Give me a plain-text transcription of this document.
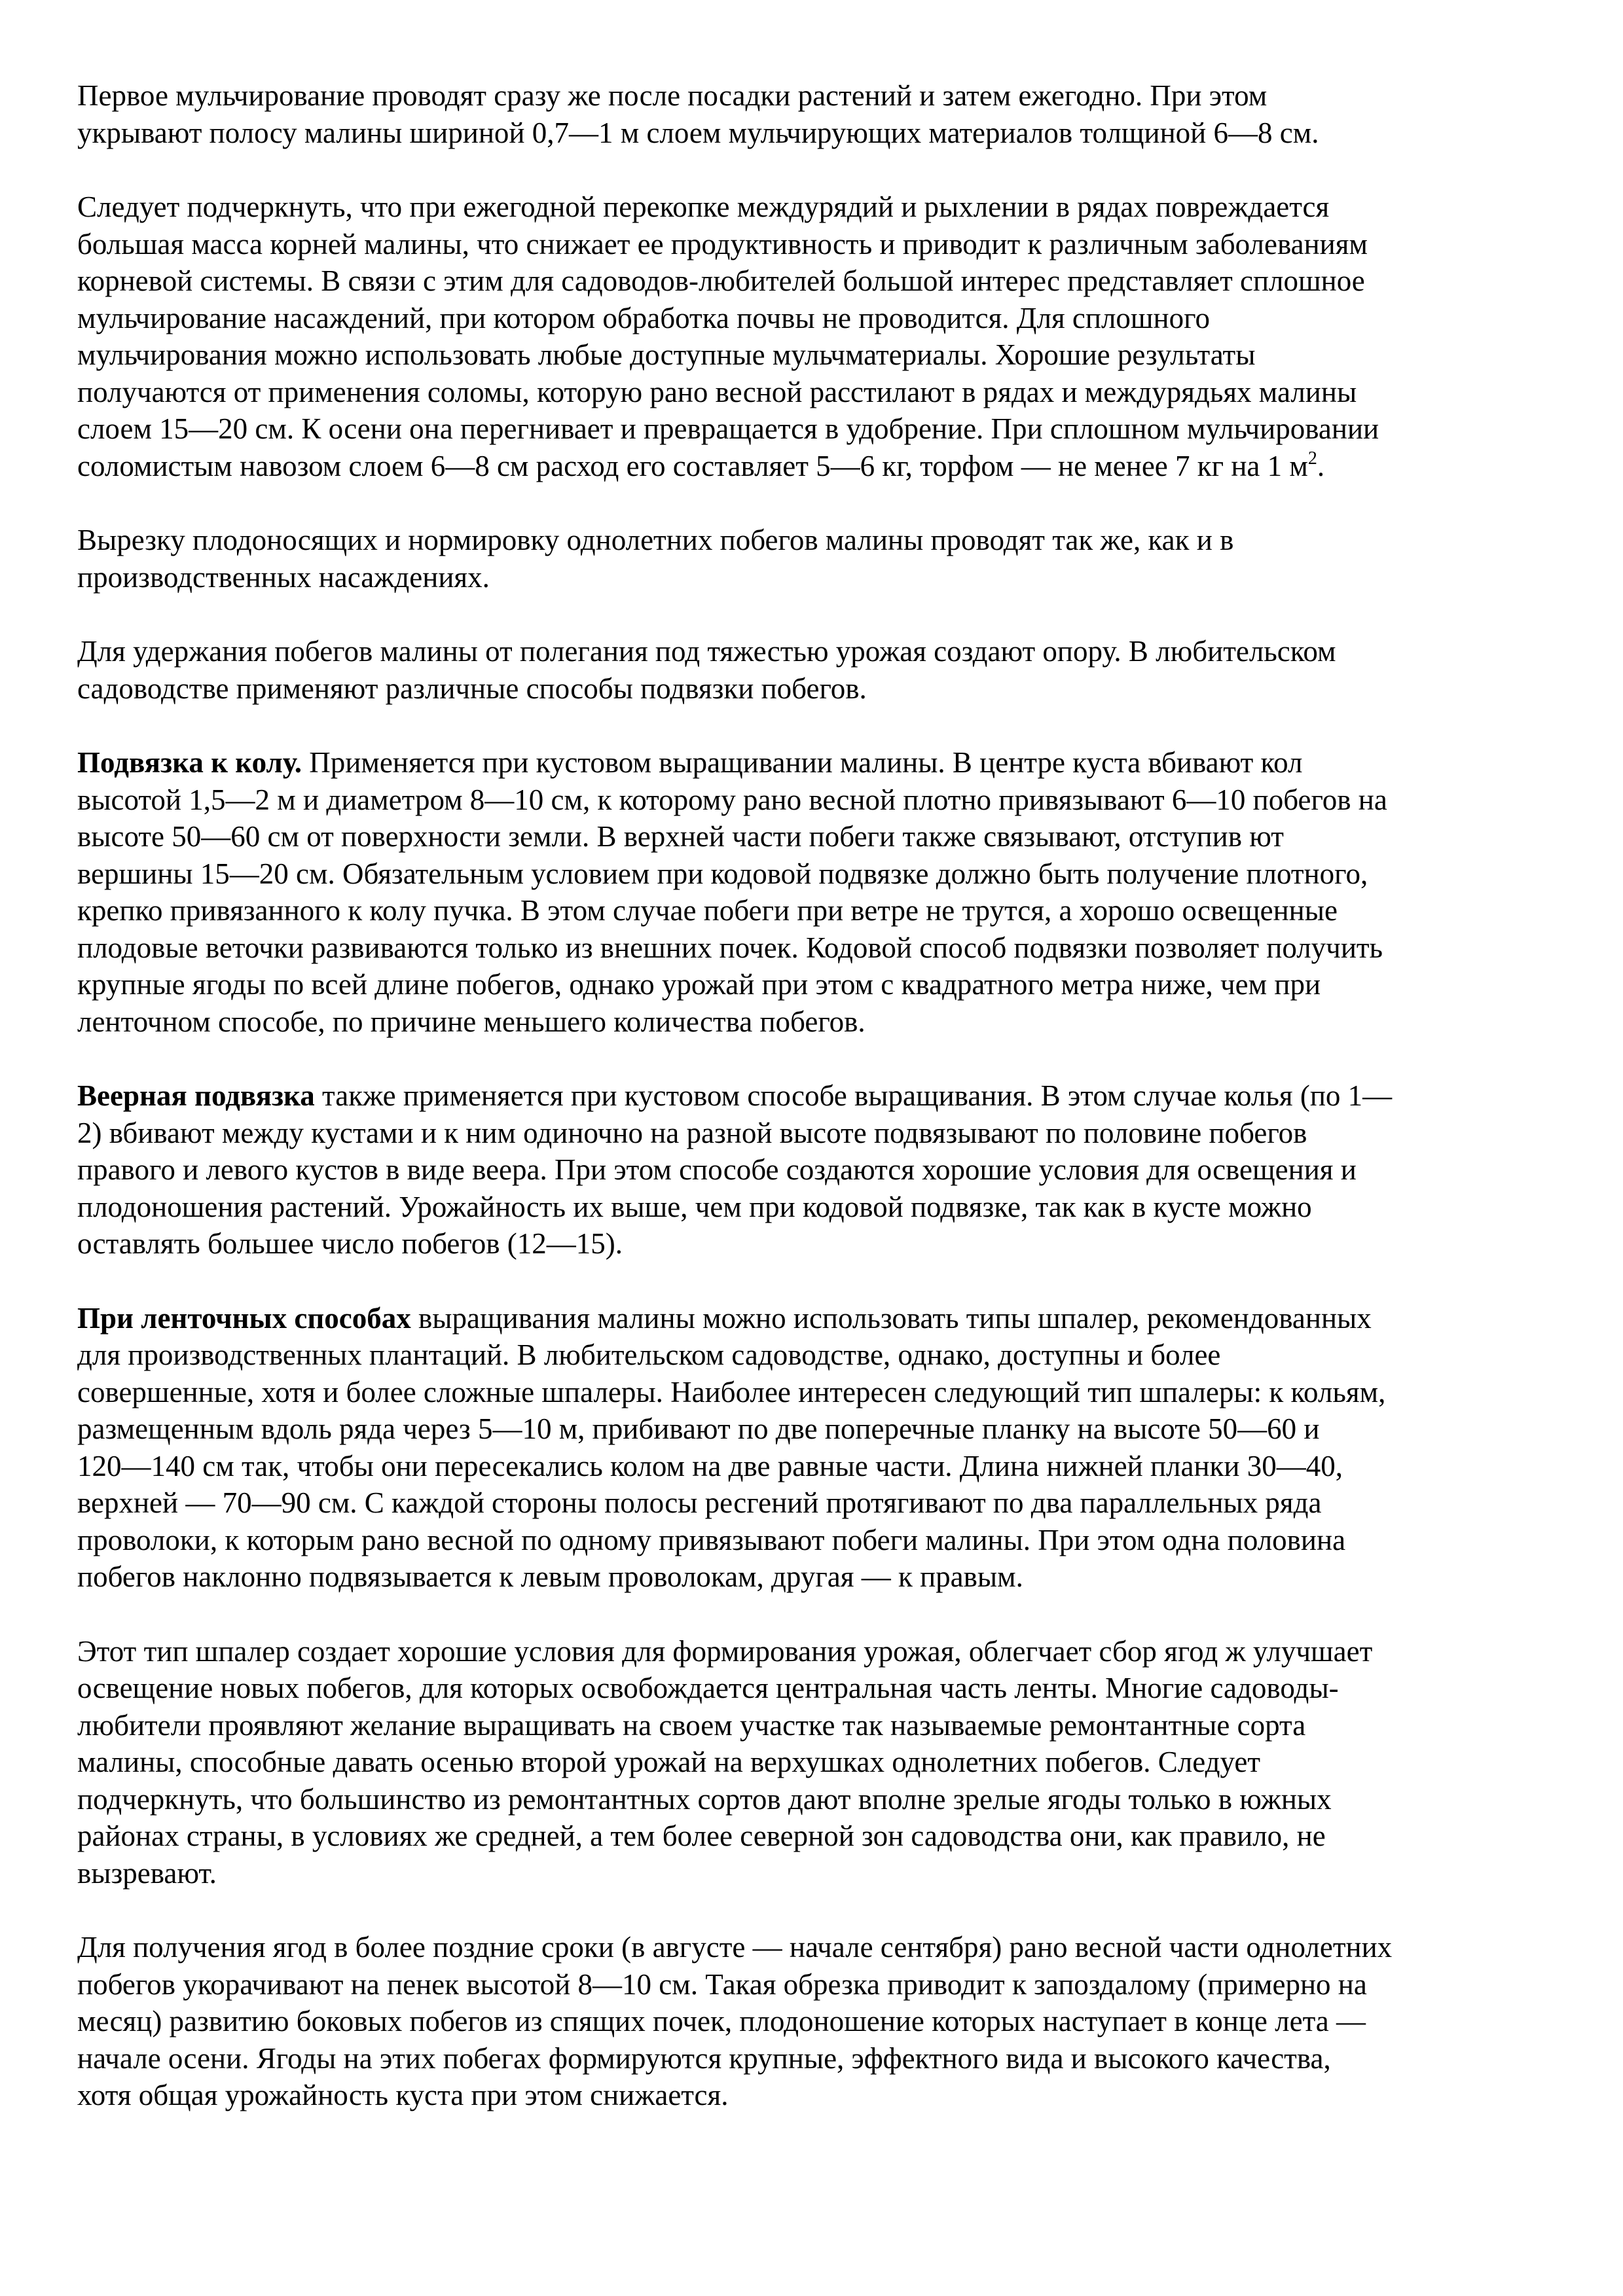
Первое мульчирование проводят сразу же после посадки растений и затем ежегодно. При этом
укрывают полосу малины шириной 0,7—1 м слоем мульчирующих материалов толщиной 6—8 см.

Следует подчеркнуть, что при ежегодной перекопке междурядий и рыхлении в рядах повреждается
большая масса корней малины, что снижает ее продуктивность и приводит к различным заболеваниям
корневой системы. В связи с этим для садоводов-любителей большой интерес представляет сплошное
мульчирование насаждений, при котором обработка почвы не проводится. Для сплошного
мульчирования можно использовать любые доступные мульчматериалы. Хорошие результаты
получаются от применения соломы, которую рано весной расстилают в рядах и междурядьях малины
слоем 15—20 см. К осени она перегнивает и превращается в удобрение. При сплошном мульчировании
соломистым навозом слоем 6—8 см расход его составляет 5—6 кг, торфом — не менее 7 кг на 1 $м^2$.

Вырезку плодоносящих и нормировку однолетних побегов малины проводят так же, как и в
производственных насаждениях.

Для удержания побегов малины от полегания под тяжестью урожая создают опору. В любительском
садоводстве применяют различные способы подвязки побегов.

Подвязка к колу. Применяется при кустовом выращивании малины. В центре куста вбивают кол
высотой 1,5—2 м и диаметром 8—10 см, к которому рано весной плотно привязывают 6—10 побегов на
высоте 50—60 см от поверхности земли. В верхней части побеги также связывают, отступив ют
вершины 15—20 см. Обязательным условием при кодовой подвязке должно быть получение плотного,
крепко привязанного к колу пучка. В этом случае побеги при ветре не трутся, а хорошо освещенные
плодовые веточки развиваются только из внешних почек. Кодовой способ подвязки позволяет получить
крупные ягоды по всей длине побегов, однако урожай при этом с квадратного метра ниже, чем при
ленточном способе, по причине меньшего количества побегов.

Веерная подвязка также применяется при кустовом способе выращивания. В этом случае колья (по 1—
2) вбивают между кустами и к ним одиночно на разной высоте подвязывают по половине побегов
правого и левого кустов в виде веера. При этом способе создаются хорошие условия для освещения и
плодоношения растений. Урожайность их выше, чем при кодовой подвязке, так как в кусте можно
оставлять большее число побегов (12—15).

При ленточных способах выращивания малины можно использовать типы шпалер, рекомендованных
для производственных плантаций. В любительском садоводстве, однако, доступны и более
совершенные, хотя и более сложные шпалеры. Наиболее интересен следующий тип шпалеры: к кольям,
размещенным вдоль ряда через 5—10 м, прибивают по две поперечные планку на высоте 50—60 и
120—140 см так, чтобы они пересекались колом на две равные части. Длина нижней планки 30—40,
верхней — 70—90 см. С каждой стороны полосы ресгений протягивают по два параллельных ряда
проволоки, к которым рано весной по одному привязывают побеги малины. При этом одна половина
побегов наклонно подвязывается к левым проволокам, другая — к правым.

Этот тип шпалер создает хорошие условия для формирования урожая, облегчает сбор ягод ж улучшает
освещение новых побегов, для которых освобождается центральная часть ленты. Многие садоводы-
любители проявляют желание выращивать на своем участке так называемые ремонтантные сорта
малины, способные давать осенью второй урожай на верхушках однолетних побегов. Следует
подчеркнуть, что большинство из ремонтантных сортов дают вполне зрелые ягоды только в южных
районах страны, в условиях же средней, а тем более северной зон садоводства они, как правило, не
вызревают.

Для получения ягод в более поздние сроки (в августе — начале сентября) рано весной части однолетних
побегов укорачивают на пенек высотой 8—10 см. Такая обрезка приводит к запоздалому (примерно на
месяц) развитию боковых побегов из спящих почек, плодоношение которых наступает в конце лета —
начале осени. Ягоды на этих побегах формируются крупные, эффектного вида и высокого качества,
хотя общая урожайность куста при этом снижается.
